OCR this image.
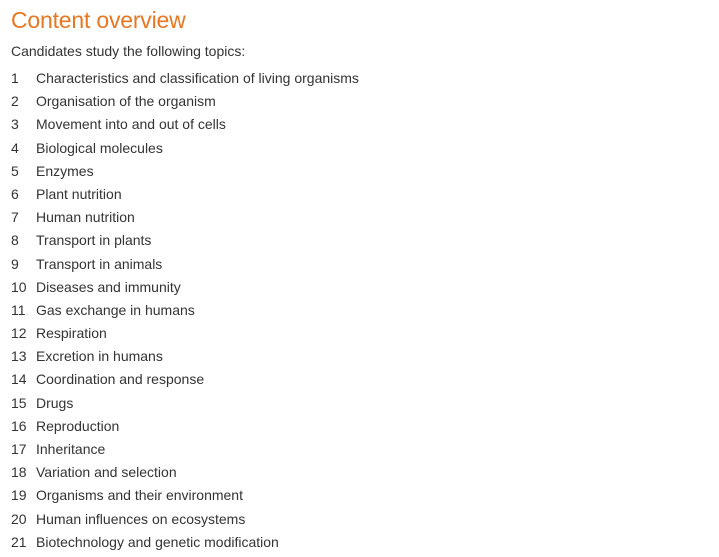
Content overview

Candidates study the following topics:

1	Characteristics and classification of living organisms
2	Organisation of the organism
3	Movement into and out of cells
4	Biological molecules
5	Enzymes
6	Plant nutrition
7	Human nutrition
8	Transport in plants
9	Transport in animals
10 Diseases and immunity
11 Gas exchange in humans
12 Respiration
13 Excretion in humans
14 Coordination and response
15 Drugs
16 Reproduction
17 Inheritance
18 Variation and selection
19 Organisms and their environment
20 Human influences on ecosystems
21 Biotechnology and genetic modification
